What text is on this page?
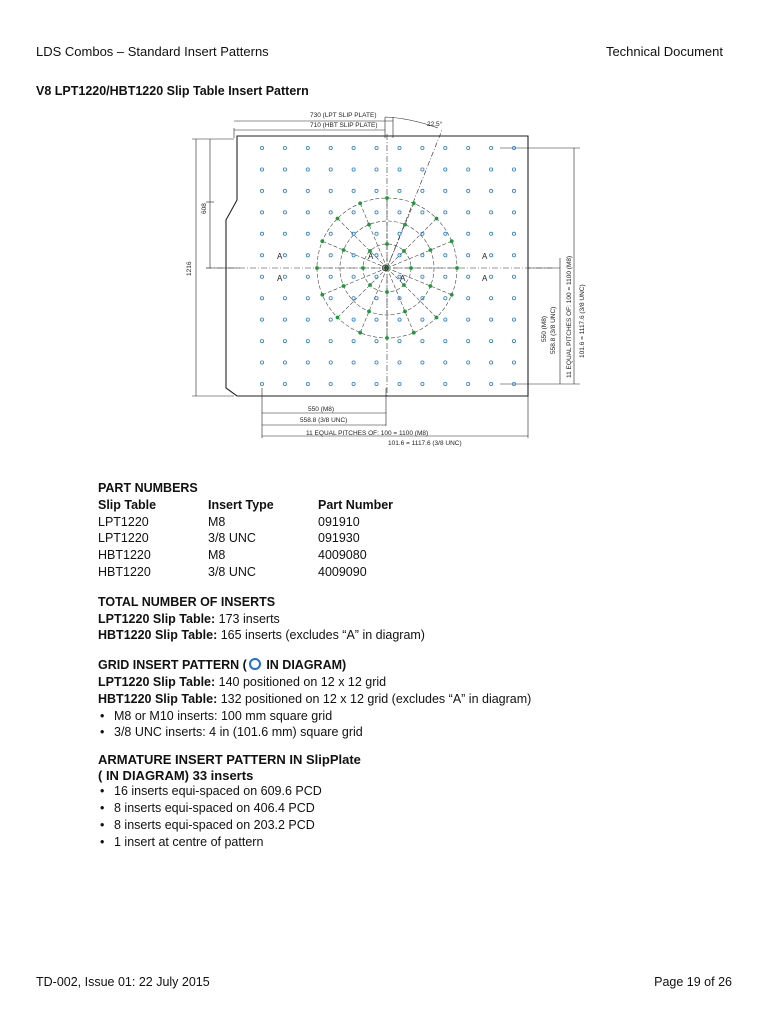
LDS Combos – Standard Insert Patterns	Technical Document
V8 LPT1220/HBT1220 Slip Table Insert Pattern
730 (LPT SLIP PLATE)
710 (HBT SLIP PLATE)	22.5°
608
1216
101.6 = 1117.6 (3/8 UNC)
11 EQUAL PITCHES OF: 100 = 1100 (M8)
550 (M8) 558.8 (3/8 UNC)
550 (M8)
558.8 (3/8 UNC)
11 EQUAL PITCHES OF: 100 = 1100 (M8)
101.6 = 1117.6 (3/8 UNC)
A
A
A
A
A
A
⊕
PART NUMBERS
Slip Table	Insert Type	Part Number
LPT1220	M8	091910
LPT1220	3/8 UNC	091930
HBT1220	M8	4009080
HBT1220	3/8 UNC	4009090
TOTAL NUMBER OF INSERTS
LPT1220 Slip Table: 173 inserts
HBT1220 Slip Table: 165 inserts (excludes “A” in diagram)
GRID INSERT PATTERN ( IN DIAGRAM)
LPT1220 Slip Table: 140 positioned on 12 x 12 grid
HBT1220 Slip Table: 132 positioned on 12 x 12 grid (excludes “A” in diagram)
• M8 or M10 inserts: 100 mm square grid
• 3/8 UNC inserts: 4 in (101.6 mm) square grid
ARMATURE INSERT PATTERN IN SlipPlate
( IN DIAGRAM) 33 inserts
• 16 inserts equi-spaced on 609.6 PCD
• 8 inserts equi-spaced on 406.4 PCD
• 8 inserts equi-spaced on 203.2 PCD
• 1 insert at centre of pattern
TD-002, Issue 01: 22 July 2015	Page 19 of 26
